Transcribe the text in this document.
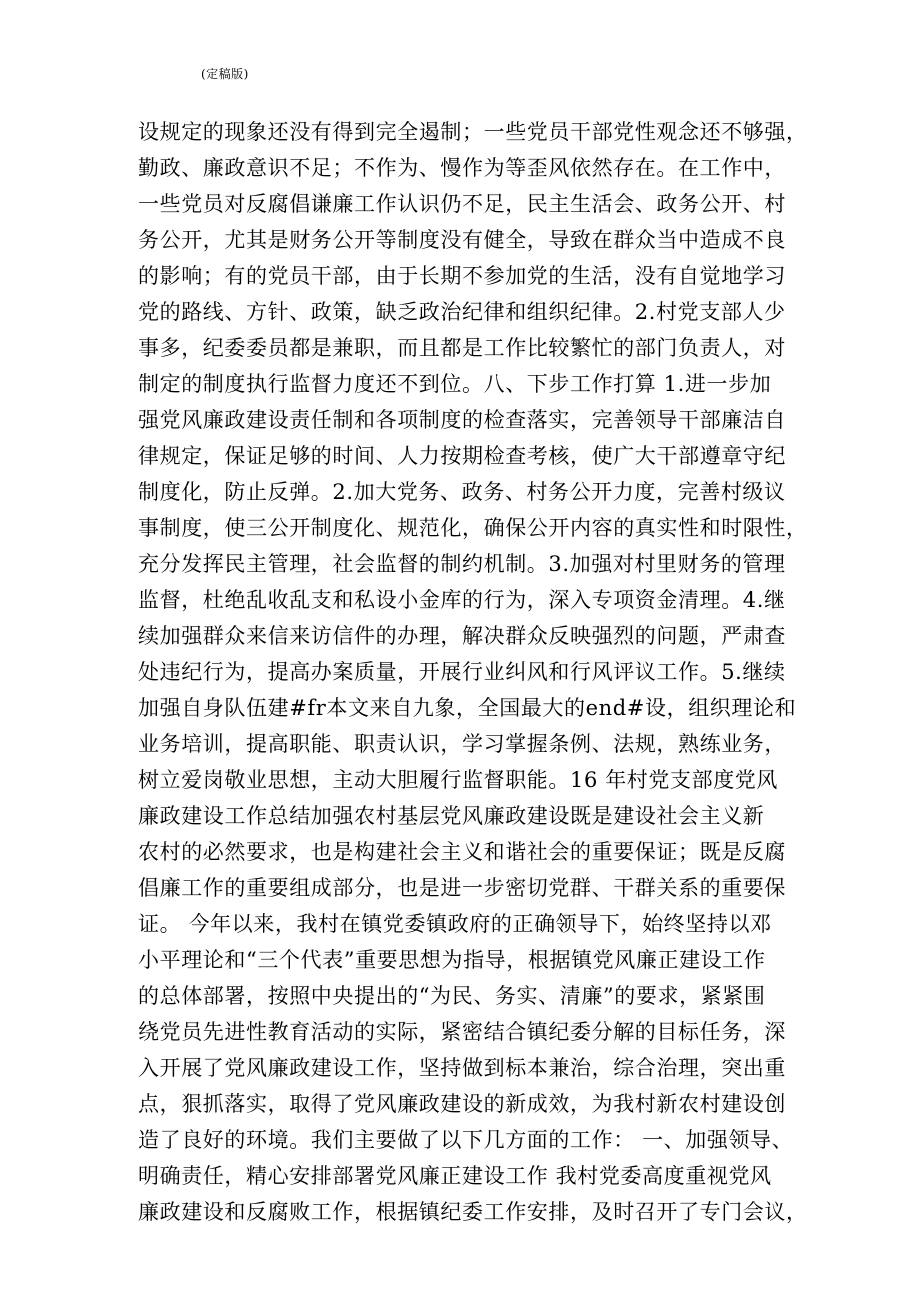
(定稿版)
设规定的现象还没有得到完全遏制；一些党员干部党性观念还不够强，
勤政、廉政意识不足；不作为、慢作为等歪风依然存在。在工作中，
一些党员对反腐倡谦廉工作认识仍不足，民主生活会、政务公开、村
务公开，尤其是财务公开等制度没有健全，导致在群众当中造成不良
的影响；有的党员干部，由于长期不参加党的生活，没有自觉地学习
党的路线、方针、政策，缺乏政治纪律和组织纪律。2.村党支部人少
事多，纪委委员都是兼职，而且都是工作比较繁忙的部门负责人，对
制定的制度执行监督力度还不到位。八、下步工作打算 1.进一步加
强党风廉政建设责任制和各项制度的检查落实，完善领导干部廉洁自
律规定，保证足够的时间、人力按期检查考核，使广大干部遵章守纪
制度化，防止反弹。2.加大党务、政务、村务公开力度，完善村级议
事制度，使三公开制度化、规范化，确保公开内容的真实性和时限性，
充分发挥民主管理，社会监督的制约机制。3.加强对村里财务的管理
监督，杜绝乱收乱支和私设小金库的行为，深入专项资金清理。4.继
续加强群众来信来访信件的办理，解决群众反映强烈的问题，严肃查
处违纪行为，提高办案质量，开展行业纠风和行风评议工作。5.继续
加强自身队伍建#fr本文来自九象，全国最大的end#设，组织理论和
业务培训，提高职能、职责认识，学习掌握条例、法规，熟练业务，
树立爱岗敬业思想，主动大胆履行监督职能。16 年村党支部度党风
廉政建设工作总结加强农村基层党风廉政建设既是建设社会主义新
农村的必然要求，也是构建社会主义和谐社会的重要保证；既是反腐
倡廉工作的重要组成部分，也是进一步密切党群、干群关系的重要保
证。 今年以来，我村在镇党委镇政府的正确领导下，始终坚持以邓
小平理论和“三个代表”重要思想为指导，根据镇党风廉正建设工作
的总体部署，按照中央提出的“为民、务实、清廉”的要求，紧紧围
绕党员先进性教育活动的实际，紧密结合镇纪委分解的目标任务，深
入开展了党风廉政建设工作，坚持做到标本兼治，综合治理，突出重
点，狠抓落实，取得了党风廉政建设的新成效，为我村新农村建设创
造了良好的环境。我们主要做了以下几方面的工作： 一、加强领导、
明确责任，精心安排部署党风廉正建设工作 我村党委高度重视党风
廉政建设和反腐败工作，根据镇纪委工作安排，及时召开了专门会议，
